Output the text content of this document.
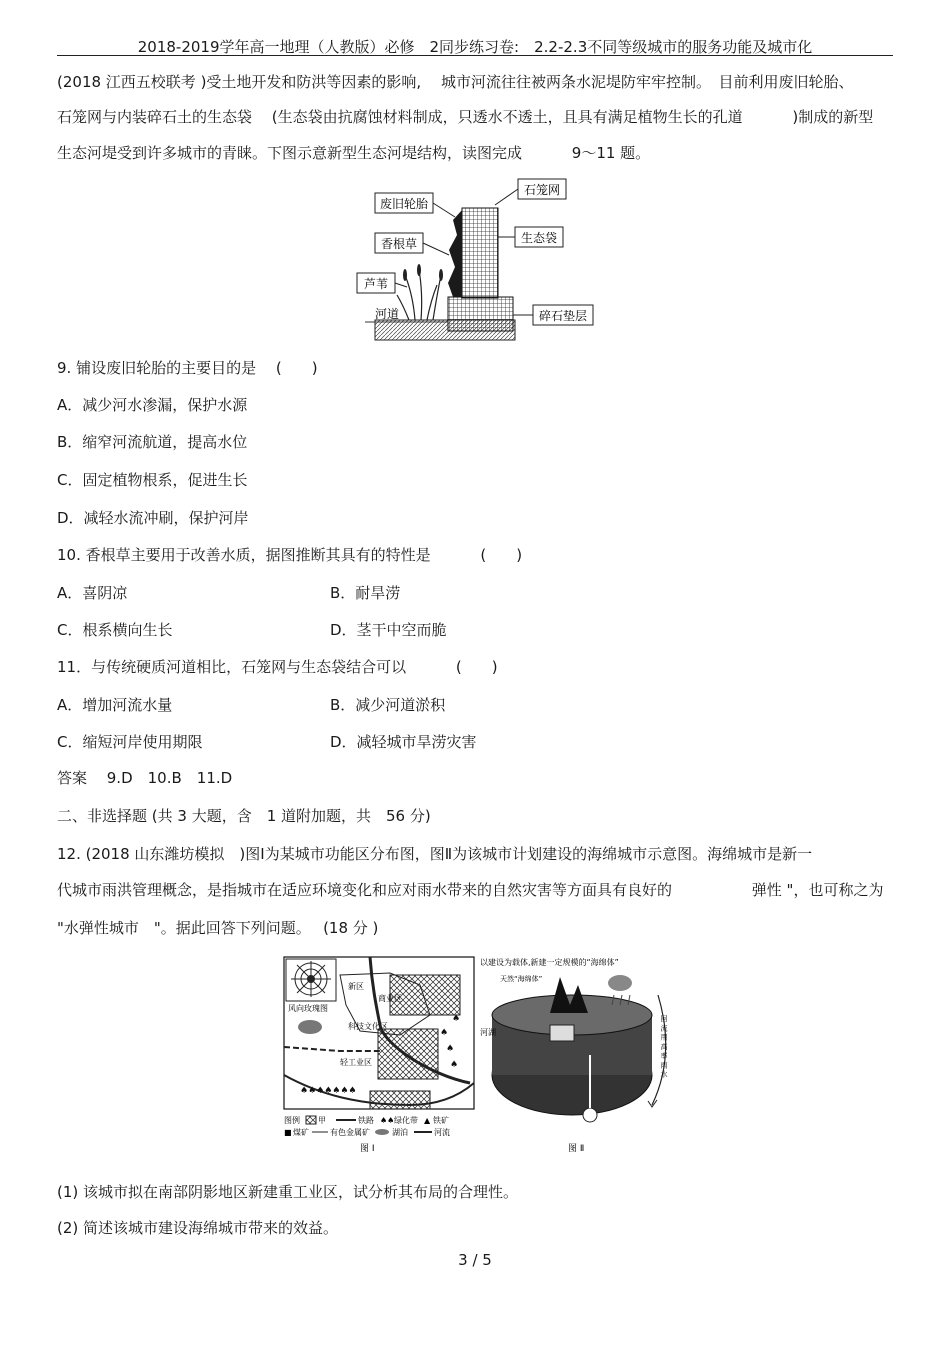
2018-2019学年高一地理（人教版）必修　2同步练习卷:　2.2-2.3不同等级城市的服务功能及城市化
(2018 江西五校联考 )受土地开发和防洪等因素的影响,　 城市河流往往被两条水泥堤防牢牢控制。　目前利用废旧轮胎、
石笼网与内装碎石土的生态袋　 (生态袋由抗腐蚀材料制成，只透水不透土，且具有满足植物生长的孔道　　　 )制成的新型
生态河堤受到许多城市的青睐。下图示意新型生态河堤结构，读图完成　　　 9～11 题。
废旧轮胎
香根草
芦苇
河道
石笼网
生态袋
碎石垫层
9. 铺设废旧轮胎的主要目的是　 (　　)
A．减少河水渗漏，保护水源
B．缩窄河流航道，提高水位
C．固定植物根系，促进生长
D．减轻水流冲刷，保护河岸
10. 香根草主要用于改善水质，据图推断其具有的特性是　　　 (　　)
A．喜阴凉	B．耐旱涝
C．根系横向生长	D．茎干中空而脆
11．与传统硬质河道相比，石笼网与生态袋结合可以　　　 (　　)
A．增加河流水量	B．减少河道淤积
C．缩短河岸使用期限	D．减轻城市旱涝灾害
答案　 9.D　10.B　11.D
二、非选择题 (共 3 大题，含　1 道附加题，共　56 分)
12. (2018 山东潍坊模拟　)图Ⅰ为某城市功能区分布图，图Ⅱ为该城市计划建设的海绵城市示意图。海绵城市是新一
代城市雨洪管理概念，是指城市在适应环境变化和应对雨水带来的自然灾害等方面具有良好的　　　　　 弹性 "，也可称之为
"水弹性城市　"。据此回答下列问题。　 (18 分 )
风向玫瑰图
新区
商业区
科技文化区
轻工业区
♠♠♠♠♠♠♠
♠
♠
♠
♠
图例 甲	铁路 ♠♠ 绿化带 ▲ 铁矿
■ 煤矿	有色金属矿	湖泊	河流
图 Ⅰ
以建设为载体,新建一定规模的“海绵体”
天然“海绵体”
河湖	回 流 用 高 率 雨 水
图 Ⅱ
(1) 该城市拟在南部阴影地区新建重工业区，试分析其布局的合理性。
(2) 简述该城市建设海绵城市带来的效益。
3 / 5
